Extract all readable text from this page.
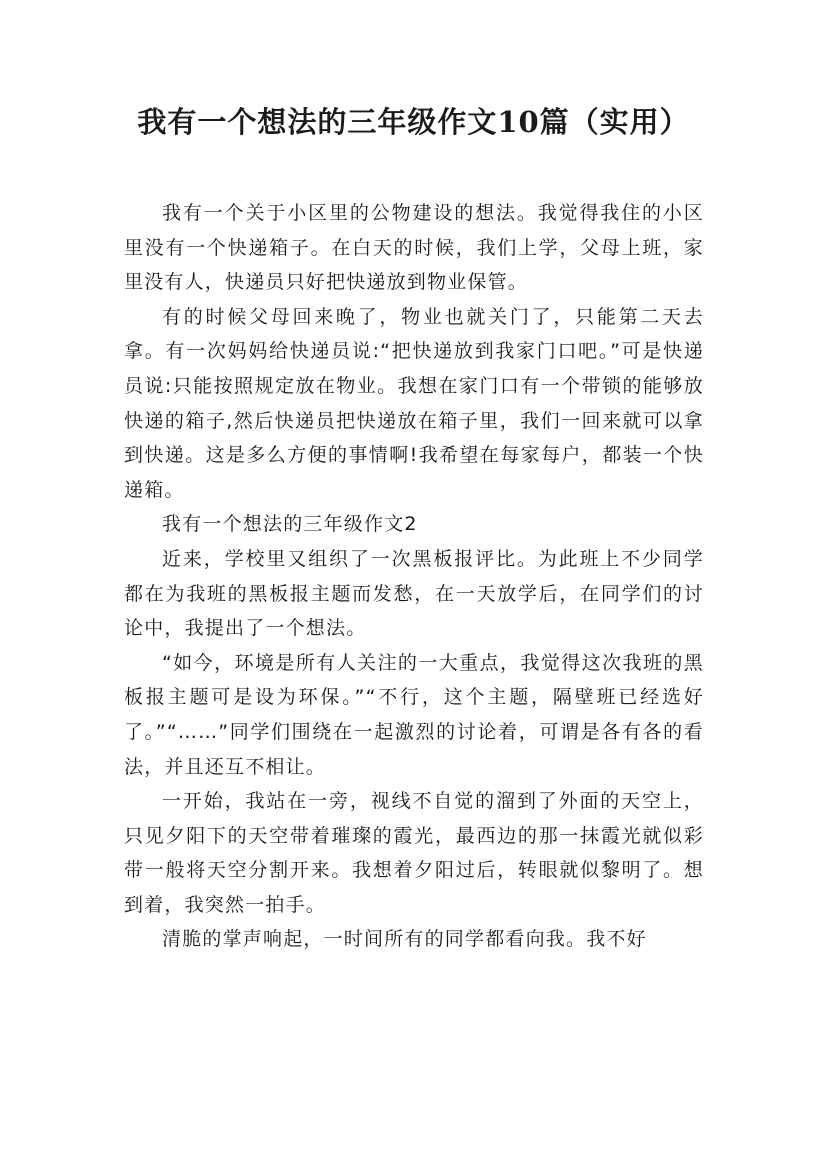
我有一个想法的三年级作文10篇（实用）

我有一个关于小区里的公物建设的想法。我觉得我住的小区里没有一个快递箱子。在白天的时候，我们上学，父母上班，家里没有人，快递员只好把快递放到物业保管。

有的时候父母回来晚了，物业也就关门了，只能第二天去拿。有一次妈妈给快递员说:“把快递放到我家门口吧。”可是快递员说:只能按照规定放在物业。我想在家门口有一个带锁的能够放快递的箱子,然后快递员把快递放在箱子里，我们一回来就可以拿到快递。这是多么方便的事情啊!我希望在每家每户，都装一个快递箱。

我有一个想法的三年级作文2

近来，学校里又组织了一次黑板报评比。为此班上不少同学都在为我班的黑板报主题而发愁，在一天放学后，在同学们的讨论中，我提出了一个想法。

“如今，环境是所有人关注的一大重点，我觉得这次我班的黑板报主题可是设为环保。”“不行，这个主题，隔壁班已经选好了。”“……”同学们围绕在一起激烈的讨论着，可谓是各有各的看法，并且还互不相让。

一开始，我站在一旁，视线不自觉的溜到了外面的天空上，只见夕阳下的天空带着璀璨的霞光，最西边的那一抹霞光就似彩带一般将天空分割开来。我想着夕阳过后，转眼就似黎明了。想到着，我突然一拍手。

清脆的掌声响起，一时间所有的同学都看向我。我不好
